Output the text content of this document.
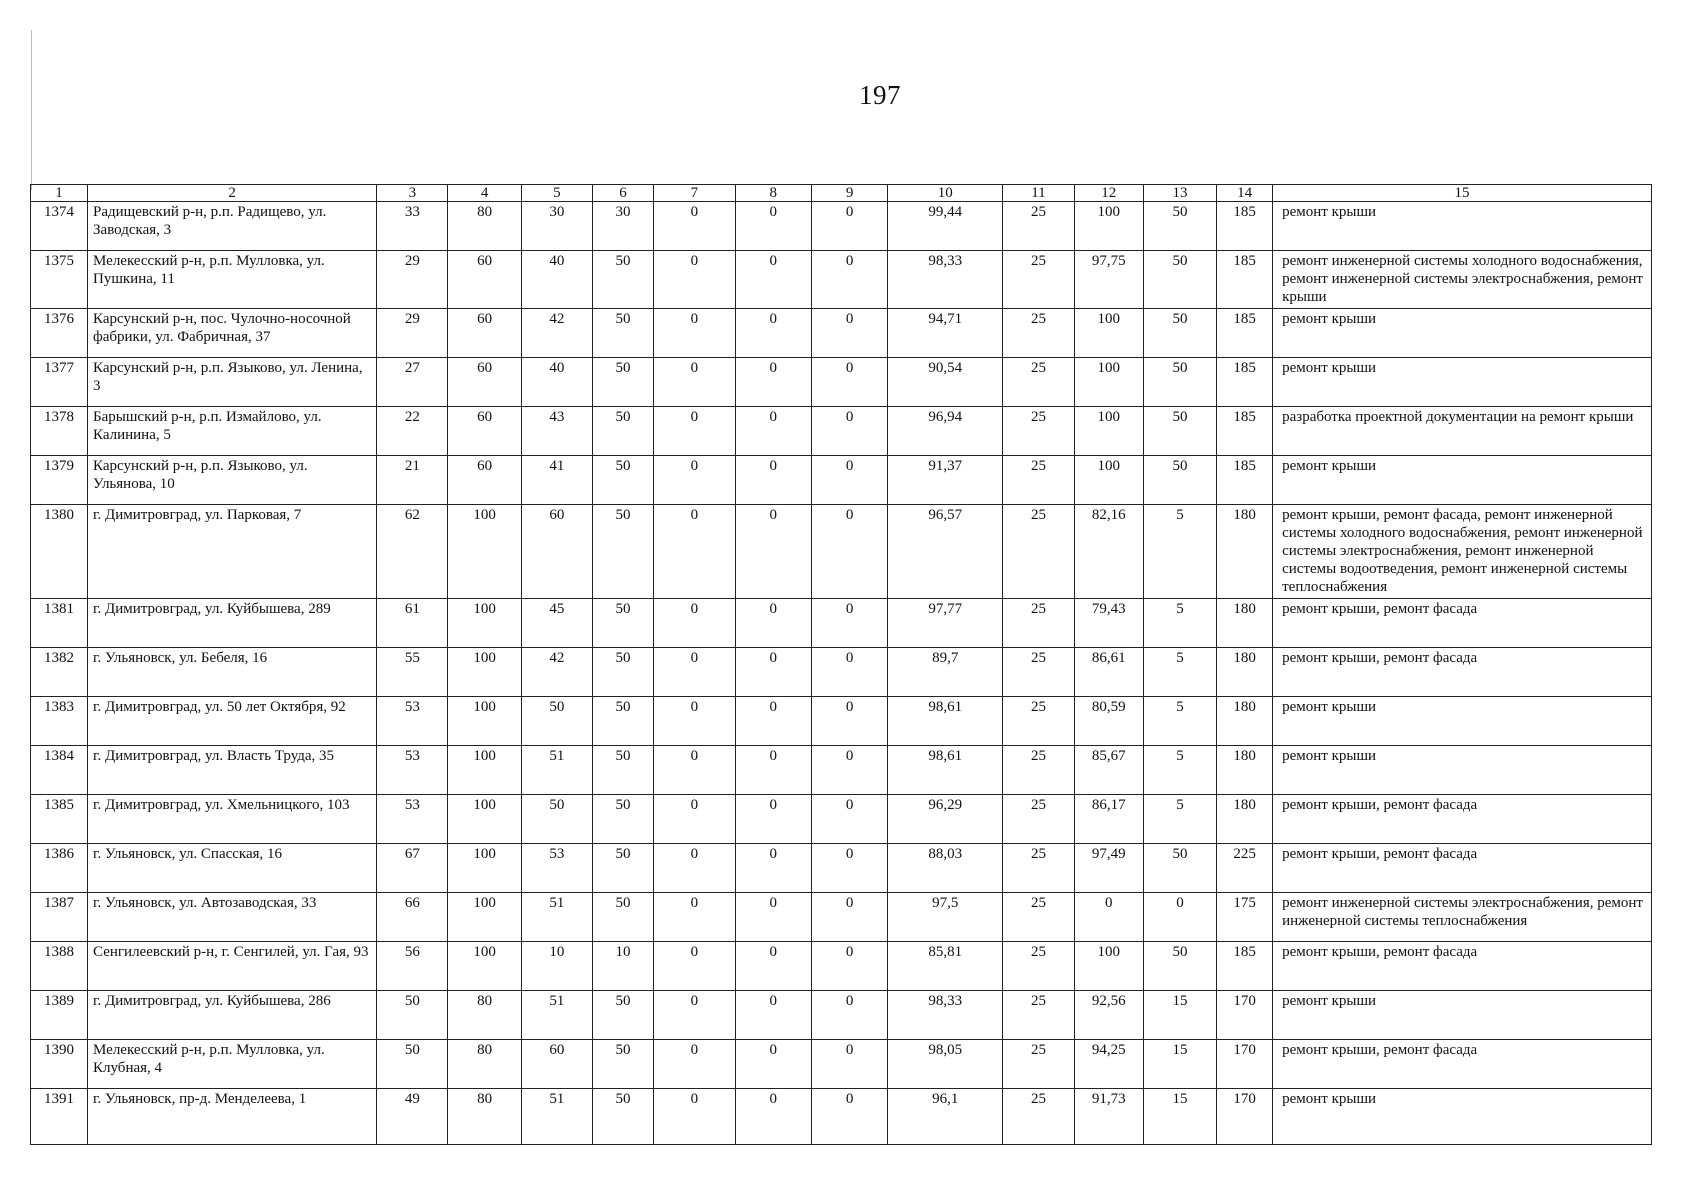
197
1	2	3	4	5	6	7	8	9	10	11	12	13	14	15
1374	Радищевский р-н, р.п. Радищево, ул. Заводская, 3	33	80	30	30	0	0	0	99,44	25	100	50	185	ремонт крыши
1375	Мелекесский р-н, р.п. Мулловка, ул. Пушкина, 11	29	60	40	50	0	0	0	98,33	25	97,75	50	185	ремонт инженерной системы холодного водоснабжения, ремонт инженерной системы электроснабжения, ремонт крыши
1376	Карсунский р-н, пос. Чулочно-носочной фабрики, ул. Фабричная, 37	29	60	42	50	0	0	0	94,71	25	100	50	185	ремонт крыши
1377	Карсунский р-н, р.п. Языково, ул. Ленина, 3	27	60	40	50	0	0	0	90,54	25	100	50	185	ремонт крыши
1378	Барышский р-н, р.п. Измайлово, ул. Калинина, 5	22	60	43	50	0	0	0	96,94	25	100	50	185	разработка проектной документации на ремонт крыши
1379	Карсунский р-н, р.п. Языково, ул. Ульянова, 10	21	60	41	50	0	0	0	91,37	25	100	50	185	ремонт крыши
1380	г. Димитровград, ул. Парковая, 7	62	100	60	50	0	0	0	96,57	25	82,16	5	180	ремонт крыши, ремонт фасада, ремонт инженерной системы холодного водоснабжения, ремонт инженерной системы электроснабжения, ремонт инженерной системы водоотведения, ремонт инженерной системы теплоснабжения
1381	г. Димитровград, ул. Куйбышева, 289	61	100	45	50	0	0	0	97,77	25	79,43	5	180	ремонт крыши, ремонт фасада
1382	г. Ульяновск, ул. Бебеля, 16	55	100	42	50	0	0	0	89,7	25	86,61	5	180	ремонт крыши, ремонт фасада
1383	г. Димитровград, ул. 50 лет Октября, 92	53	100	50	50	0	0	0	98,61	25	80,59	5	180	ремонт крыши
1384	г. Димитровград, ул. Власть Труда, 35	53	100	51	50	0	0	0	98,61	25	85,67	5	180	ремонт крыши
1385	г. Димитровград, ул. Хмельницкого, 103	53	100	50	50	0	0	0	96,29	25	86,17	5	180	ремонт крыши, ремонт фасада
1386	г. Ульяновск, ул. Спасская, 16	67	100	53	50	0	0	0	88,03	25	97,49	50	225	ремонт крыши, ремонт фасада
1387	г. Ульяновск, ул. Автозаводская, 33	66	100	51	50	0	0	0	97,5	25	0	0	175	ремонт инженерной системы электроснабжения, ремонт инженерной системы теплоснабжения
1388	Сенгилеевский р-н, г. Сенгилей, ул. Гая, 93	56	100	10	10	0	0	0	85,81	25	100	50	185	ремонт крыши, ремонт фасада
1389	г. Димитровград, ул. Куйбышева, 286	50	80	51	50	0	0	0	98,33	25	92,56	15	170	ремонт крыши
1390	Мелекесский р-н, р.п. Мулловка, ул. Клубная, 4	50	80	60	50	0	0	0	98,05	25	94,25	15	170	ремонт крыши, ремонт фасада
1391	г. Ульяновск, пр-д. Менделеева, 1	49	80	51	50	0	0	0	96,1	25	91,73	15	170	ремонт крыши
